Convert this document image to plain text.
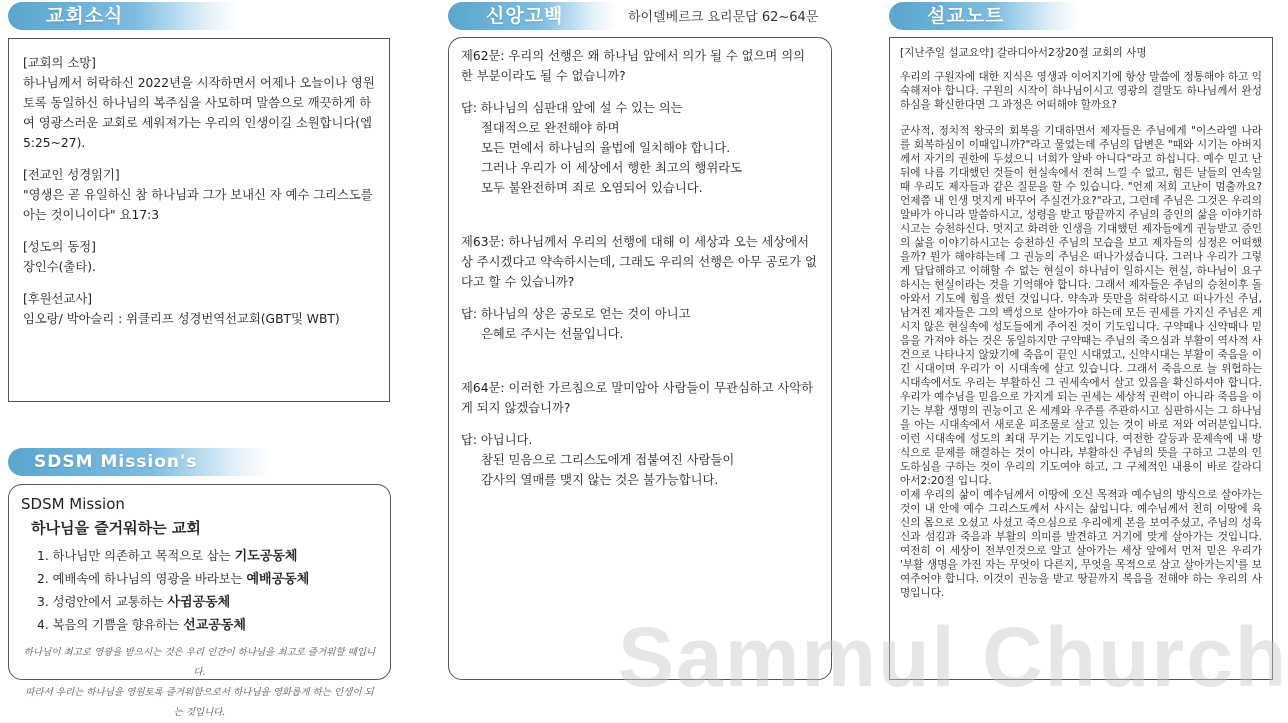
교회소식
[교회의 소망]
하나님께서 허락하신 2022년을 시작하면서 어제나 오늘이나 영원토록 동일하신 하나님의 복주심을 사모하며 말씀으로 깨끗하게 하여 영광스러운 교회로 세워져가는 우리의 인생이길 소원합니다(엡5:25~27).
[전교인 성경읽기]
"영생은 곧 유일하신 참 하나님과 그가 보내신 자 예수 그리스도를 아는 것이니이다" 요17:3
[성도의 동정]
장인수(출타).
[후원선교사]
임오랑/ 박아슬리 : 위클리프 성경번역선교회(GBT및 WBT)
SDSM Mission's
SDSM Mission
하나님을 즐거워하는 교회
1. 하나님만 의존하고 목적으로 삼는 기도공동체
2. 예배속에 하나님의 영광을 바라보는 예배공동체
3. 성령안에서 교통하는 사귐공동체
4. 복음의 기쁨을 향유하는 선교공동체
하나님이 최고로 영광을 받으시는 것은 우리 인간이 하나님을 최고로 즐거워할 때입니다.
따라서 우리는 하나님을 영원토록 즐거워함으로서 하나님을 영화롭게 하는 인생이 되는 것입니다.
신앙고백	하이델베르크 요리문답 62~64문
제62문: 우리의 선행은 왜 하나님 앞에서 의가 될 수 없으며 의의 한 부분이라도 될 수 없습니까?
답: 하나님의 심판대 앞에 설 수 있는 의는
절대적으로 완전해야 하며
모든 면에서 하나님의 율법에 일치해야 합니다.
그러나 우리가 이 세상에서 행한 최고의 행위라도
모두 불완전하며 죄로 오염되어 있습니다.
제63문: 하나님께서 우리의 선행에 대해 이 세상과 오는 세상에서 상 주시겠다고 약속하시는데, 그래도 우리의 선행은 아무 공로가 없다고 할 수 있습니까?
답: 하나님의 상은 공로로 얻는 것이 아니고
은혜로 주시는 선물입니다.
제64문: 이러한 가르침으로 말미암아 사람들이 무관심하고 사악하게 되지 않겠습니까?
답: 아닙니다.
참된 믿음으로 그리스도에게 접붙여진 사람들이
감사의 열매를 맺지 않는 것은 불가능합니다.
설교노트
[지난주일 설교요약] 갈라디아서2장20절 교회의 사명
우리의 구원자에 대한 지식은 영생과 이어지기에 항상 말씀에 정통해야 하고 익숙해져야 합니다. 구원의 시작이 하나님이시고 영광의 결말도 하나님께서 완성하심을 확신한다면 그 과정은 어떠해야 할까요?
군사적, 정치적 왕국의 회복을 기대하면서 제자들은 주님에게 "이스라엘 나라를 회복하심이 이때입니까?"라고 물었는데 주님의 답변은 "때와 시기는 아버지께서 자기의 권한에 두셨으니 너희가 알바 아니다"라고 하십니다. 예수 믿고 난 뒤에 나름 기대했던 것들이 현실속에서 전혀 느낄 수 없고, 힘든 날들의 연속일 때 우리도 제자들과 같은 질문을 할 수 있습니다. "언제 저희 고난이 멈출까요? 언제쯤 내 인생 멋지게 바꾸어 주실건가요?"라고, 그런데 주님은 그것은 우리의 알바가 아니라 말씀하시고, 성령을 받고 땅끝까지 주님의 증인의 삶을 이야기하시고는 승천하신다. 멋지고 화려한 인생을 기대했던 제자들에게 권능받고 증인의 삶을 이야기하시고는 승천하신 주님의 모습을 보고 제자들의 심정은 어떠했을까? 뭔가 해야하는데 그 권능의 주님은 떠나가셨습니다. 그러나 우리가 그렇게 답답해하고 이해할 수 없는 현실이 하나님이 일하시는 현실, 하나님이 요구하시는 현실이라는 것을 기억해야 합니다. 그래서 제자들은 주님의 승천이후 돌아와서 기도에 힘을 썼던 것입니다. 약속과 뜻만을 허락하시고 떠나가신 주님, 남겨진 제자들은 그의 백성으로 살아가야 하는데 모든 권세를 가지신 주님은 계시지 않은 현실속에 성도들에게 주어진 것이 기도입니다. 구약때나 신약때나 믿음을 가져야 하는 것은 동일하지만 구약때는 주님의 죽으심과 부활이 역사적 사건으로 나타나지 않았기에 죽음이 끝인 시대였고, 신약시대는 부활이 죽음을 이긴 시대이며 우리가 이 시대속에 살고 있습니다. 그래서 죽음으로 늘 위협하는 시대속에서도 우리는 부활하신 그 권세속에서 살고 있음을 확신하셔야 합니다. 우리가 예수님을 믿음으로 가지게 되는 권세는 세상적 권력이 아니라 죽음을 이기는 부활 생명의 권능이고 온 세계와 우주를 주관하시고 심판하시는 그 하나님을 아는 시대속에서 새로운 피조물로 살고 있는 것이 바로 저와 여러분입니다. 이런 시대속에 성도의 최대 무기는 기도입니다. 여전한 갈등과 문제속에 내 방식으로 문제를 해결하는 것이 아니라, 부활하신 주님의 뜻을 구하고 그분의 인도하심을 구하는 것이 우리의 기도여야 하고, 그 구체적인 내용이 바로 갈라디아서2:20절 입니다.
이제 우리의 삶이 예수님께서 이땅에 오신 목적과 예수님의 방식으로 살아가는 것이 내 안에 예수 그리스도께서 사시는 삶입니다. 예수님께서 친히 이땅에 육신의 몸으로 오셨고 사셨고 죽으심으로 우리에게 본을 보여주셨고, 주님의 성육신과 섬김과 죽음과 부활의 의미를 발견하고 거기에 맞게 살아가는 것입니다. 여전히 이 세상이 전부인것으로 알고 살아가는 세상 앞에서 먼저 믿은 우리가 '부활 생명을 가진 자는 무엇이 다른지, 무엇을 목적으로 삼고 살아가는지'를 보여주어야 합니다. 이것이 권능을 받고 땅끝까지 복음을 전해야 하는 우리의 사명입니다.
Sammul Church
